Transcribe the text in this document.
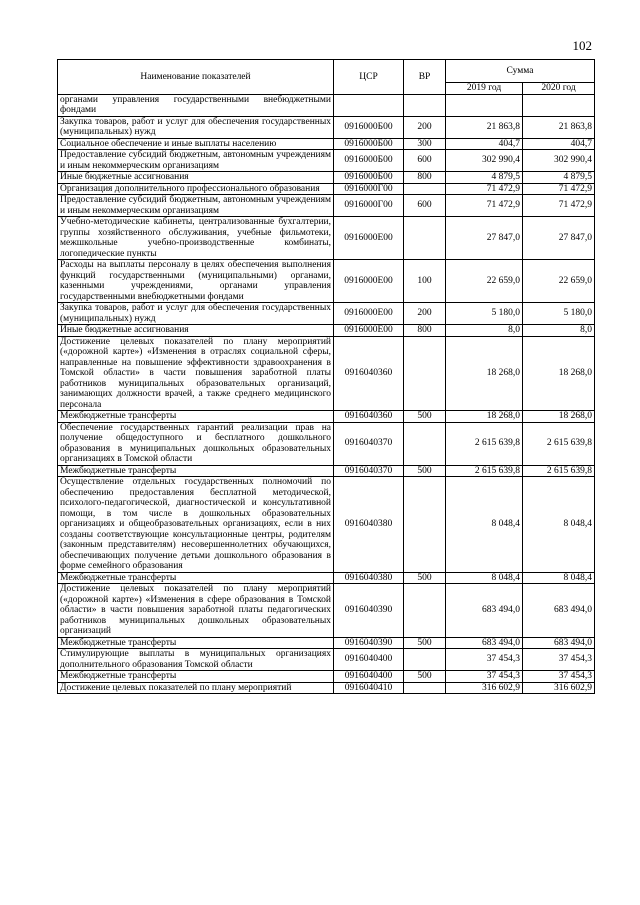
102
Наименование показателей	ЦСР	ВР	Сумма	
			2019 год	2020 год
органами управления государственными внебюджетными фондами				
Закупка товаров, работ и услуг для обеспечения государственных (муниципальных) нужд	0916000Б00	200	21 863,8	21 863,8
Социальное обеспечение и иные выплаты населению	0916000Б00	300	404,7	404,7
Предоставление субсидий бюджетным, автономным учреждениям и иным некоммерческим организациям	0916000Б00	600	302 990,4	302 990,4
Иные бюджетные ассигнования	0916000Б00	800	4 879,5	4 879,5
Организация дополнительного профессионального образования	0916000Г00		71 472,9	71 472,9
Предоставление субсидий бюджетным, автономным учреждениям и иным некоммерческим организациям	0916000Г00	600	71 472,9	71 472,9
Учебно-методические кабинеты, централизованные бухгалтерии, группы хозяйственного обслуживания, учебные фильмотеки, межшкольные учебно-производственные комбинаты, логопедические пункты	0916000Е00		27 847,0	27 847,0
Расходы на выплаты персоналу в целях обеспечения выполнения функций государственными (муниципальными) органами, казенными учреждениями, органами управления государственными внебюджетными фондами	0916000Е00	100	22 659,0	22 659,0
Закупка товаров, работ и услуг для обеспечения государственных (муниципальных) нужд	0916000Е00	200	5 180,0	5 180,0
Иные бюджетные ассигнования	0916000Е00	800	8,0	8,0
Достижение целевых показателей по плану мероприятий («дорожной карте») «Изменения в отраслях социальной сферы, направленные на повышение эффективности здравоохранения в Томской области» в части повышения заработной платы работников муниципальных образовательных организаций, занимающих должности врачей, а также среднего медицинского персонала	0916040360		18 268,0	18 268,0
Межбюджетные трансферты	0916040360	500	18 268,0	18 268,0
Обеспечение государственных гарантий реализации прав на получение общедоступного и бесплатного дошкольного образования в муниципальных дошкольных образовательных организациях в Томской области	0916040370		2 615 639,8	2 615 639,8
Межбюджетные трансферты	0916040370	500	2 615 639,8	2 615 639,8
Осуществление отдельных государственных полномочий по обеспечению предоставления бесплатной методической, психолого-педагогической, диагностической и консультативной помощи, в том числе в дошкольных образовательных организациях и общеобразовательных организациях, если в них созданы соответствующие консультационные центры, родителям (законным представителям) несовершеннолетних обучающихся, обеспечивающих получение детьми дошкольного образования в форме семейного образования	0916040380		8 048,4	8 048,4
Межбюджетные трансферты	0916040380	500	8 048,4	8 048,4
Достижение целевых показателей по плану мероприятий («дорожной карте») «Изменения в сфере образования в Томской области» в части повышения заработной платы педагогических работников муниципальных дошкольных образовательных организаций	0916040390		683 494,0	683 494,0
Межбюджетные трансферты	0916040390	500	683 494,0	683 494,0
Стимулирующие выплаты в муниципальных организациях дополнительного образования Томской области	0916040400		37 454,3	37 454,3
Межбюджетные трансферты	0916040400	500	37 454,3	37 454,3
Достижение целевых показателей по плану мероприятий	0916040410		316 602,9	316 602,9
